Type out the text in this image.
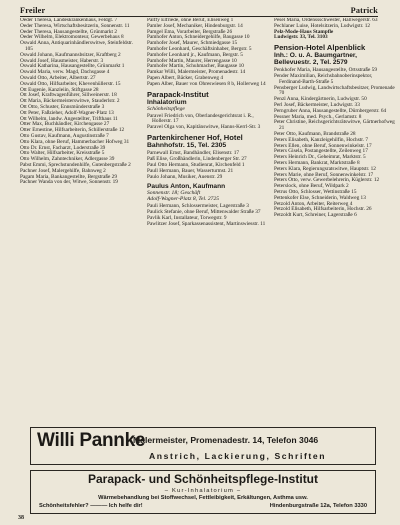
Freiler	Patrick

Oeder Theresa, Landeskrankenhaus, Feldgt. 7

Oeder Theresa, Wirtschaftsbesitzerin, Sonnenstr. 11

Oeder Theresa, Hausangestellte, Grünmarkt 2

Oeder Wilhelm, Elektromonteur, Gewerbehaus 8

Oswald Anna, Antiquarinhändlerswitwe, Steinfeldstr. 105

Oswald Johann, Kaufmannsbsitzer, Kraftberg 2

Oswald Josef, Hausmeister, Haberstr. 3

Oswald Katharina, Hausangestellte, Grünmarkt 1

Oswald Maria, verw. Magd, Dachsgasse 4

Oswald Otto, Arbeiter, Albertstr. 27

Oswald Otto, Hilfsarbeiter, Khevenhüllerstr. 15

Ott Eugenie, Kanzleiin, Stiftgasse 28

Ott Josef, Kraftwagenführer, Sillweinerstr. 18

Ott Maria, Bäckermeisterswitwe, Stauderlstr. 2

Ott Otto, Schuster, Ennsmünderstraße 3

Ott Peter, Faßzieher, Adolf-Wagner-Platz 13

Ott Wilhelm, landw. Angestellter, Trifthaus 11

Otter Max, Buchhändler, Kirchengasse 27

Otter Ernestine, Hilfsarbeiterin, Schillerstraße 12

Otto Gustav, Kaufmann, Augustinstraße 7

Otto Klara, ohne Beruf, Hammerbacher Hofweg 31

Otto Dr. Ernst, Facharzt, Loderstraße 39

Otto Walter, Hilfsarbeiter, Kreisstraße 5

Otto Wilhelm, Zahntechniker, Adlergasse 39

Pabst Emmi, Sprechstundenhilfe, Gutenbergstraße 2

Pachner Josef, Malergehilfe, Bahnweg 2

Pagam Maria, Bankangestellte, Bergstraße 29

Pachner Wanda von der, Witwe, Sonnenstr. 19

Palffy Elfriede, ohne Beruf, Elisenweg 1

Pamler Josef, Mechaniker, Hindenburgstr. 14

Pamgel Ema, Vorarbeiter, Bergstraße 26

Pamhofer Anton, Schneidergehilfe, Baugasse 10

Pamhofer Josef, Maurer, Schmiedgasse 15

Pamhofer Leonhard, Geschäftsinhaber, Bergstr. 5

Pamhofer Leonhard jr., Kaufmann, Bergstr. 5

Pamhofer Martin, Maurer, Herrengasse 10

Pamhofer Martin, Schuhmacher, Baugasse 10

Pamkar Willi, Malermeister, Promenadestr. 14

Papen Albert, Bäcker, Grabenweg 4

Papen Alber, Bauer von Ohreswiesen 8 b, Hollerweg 14

Parapack-Institut
Inhalatorium
Schönheitspflege

Paravel Friedrich von, Oberlandesgerichtsrat i. R., Hollerstr. 17

Paravel Olga von, Kapitänswitwe, Hanns-Kerrl-Str. 3

Partenkirchener Hof, Hotel
Bahnhofstr. 15, Tel. 2305

Parnewall Ernst, Bandhändler, Elisenstr. 17

Paß Elise, Großhändlerin, Lindenberger Str. 27

Paul Otto Hermann, Studienrat, Kirchenfeld 1

Paull Hermann, Bauer, Wasserturmst. 21

Paulo Johann, Musiker, Auenstr. 29

Paulus Anton, Kaufmann
Sonnenstr. 18; Geschäft
Adolf-Wagner-Platz 8, Tel. 2725

Pauli Hermann, Schlossermeister, Lagerstraße 3

Paulick Stefanie, ohne Beruf, Mittenwalder Straße 37

Pavlik Karl, Installateur, Torwegstr. 9

Pawlitzer Josef, Sparkassenassistent, Martinswiesstr. 11

Pesel Maria, Ordenssschwester, Hallwegerstr. 63

Pechlaner Luise, Hotelsitzerin, Ludwigstr. 12

Pelz-Mode-Haus Stampfle

Ludwigstr. 33, Tel. 3103

Pension-Hotel Alpenblick
Inh.: O. u. A. Baumgartner,
Bellevuestr. 2, Tel. 2579

Penkhofer Maria, Hausangestellte, Ortsstraße 59

Pender Maximilian, Reichsbahnoberinspektor, Ferdinand-Barth-Straße 5

Pensberger Ludwig, Landwirtschaftsbesitzer, Promenade 70

Penzl Anna, Kindergärtnerin, Ludwigstr. 50

Perl Josef, Bäckermeister, Ludwigstr. 33

Perngruber Anna, Hausangestellte, Dürnbergerstr. 64

Pessner Maria, med. Psych., Gerlamstr. 8

Peter Christine, Reichsgerichtsrätswitwe, Gärtnerhofweg 21

Peter Otto, Kaufmann, Brandstraße 28

Peters Elisabeth, Kanzleigehilfin, Hochstr. 7

Peters Ellen, ohne Beruf, Sonnenwinkelstr. 17

Peters Gisela, Postangestellte, Zeilenweg 17

Peters Heinrich Dr., Geheimrat, Marktstr. 5

Peters Hermann, Bankrat, Marktstraße 8

Peters Klara, Regierungsratswitwe, Hauptstr. 12

Peters Marie, ohne Beruf, Sonnenwinkelstr. 17

Peters Otto, verw. Gewerbelehrerin, Küglerstr. 12

Peterslock, ohne Beruf, Wildpark 2

Petrus Otto, Schlosser, Wettinstraße 15

Pettenkofer Else, Schneiderin, Waldweg 13

Petzold Anton, Arbeiter, Reiterweg 4

Petzold Elisabeth, Hilfsarbeiterin, Hochstr. 26

Petzoldt Kurt, Schreiner, Lagerstraße 6

Willi Pannke
Malermeister, Promenadestr. 14, Telefon 3046
Anstrich, Lackierung, Schriften
Parapack- und Schönheitspflege-Institut
– Kur-Inhalatorium –
Wärmebehandlung bei Stoffwechsel, Fettleibigkeit, Erkältungen, Asthma usw.
Schönheitsfehler? ——— Ich helfe dir!	Hindenburgstraße 12a, Telefon 3330
38
